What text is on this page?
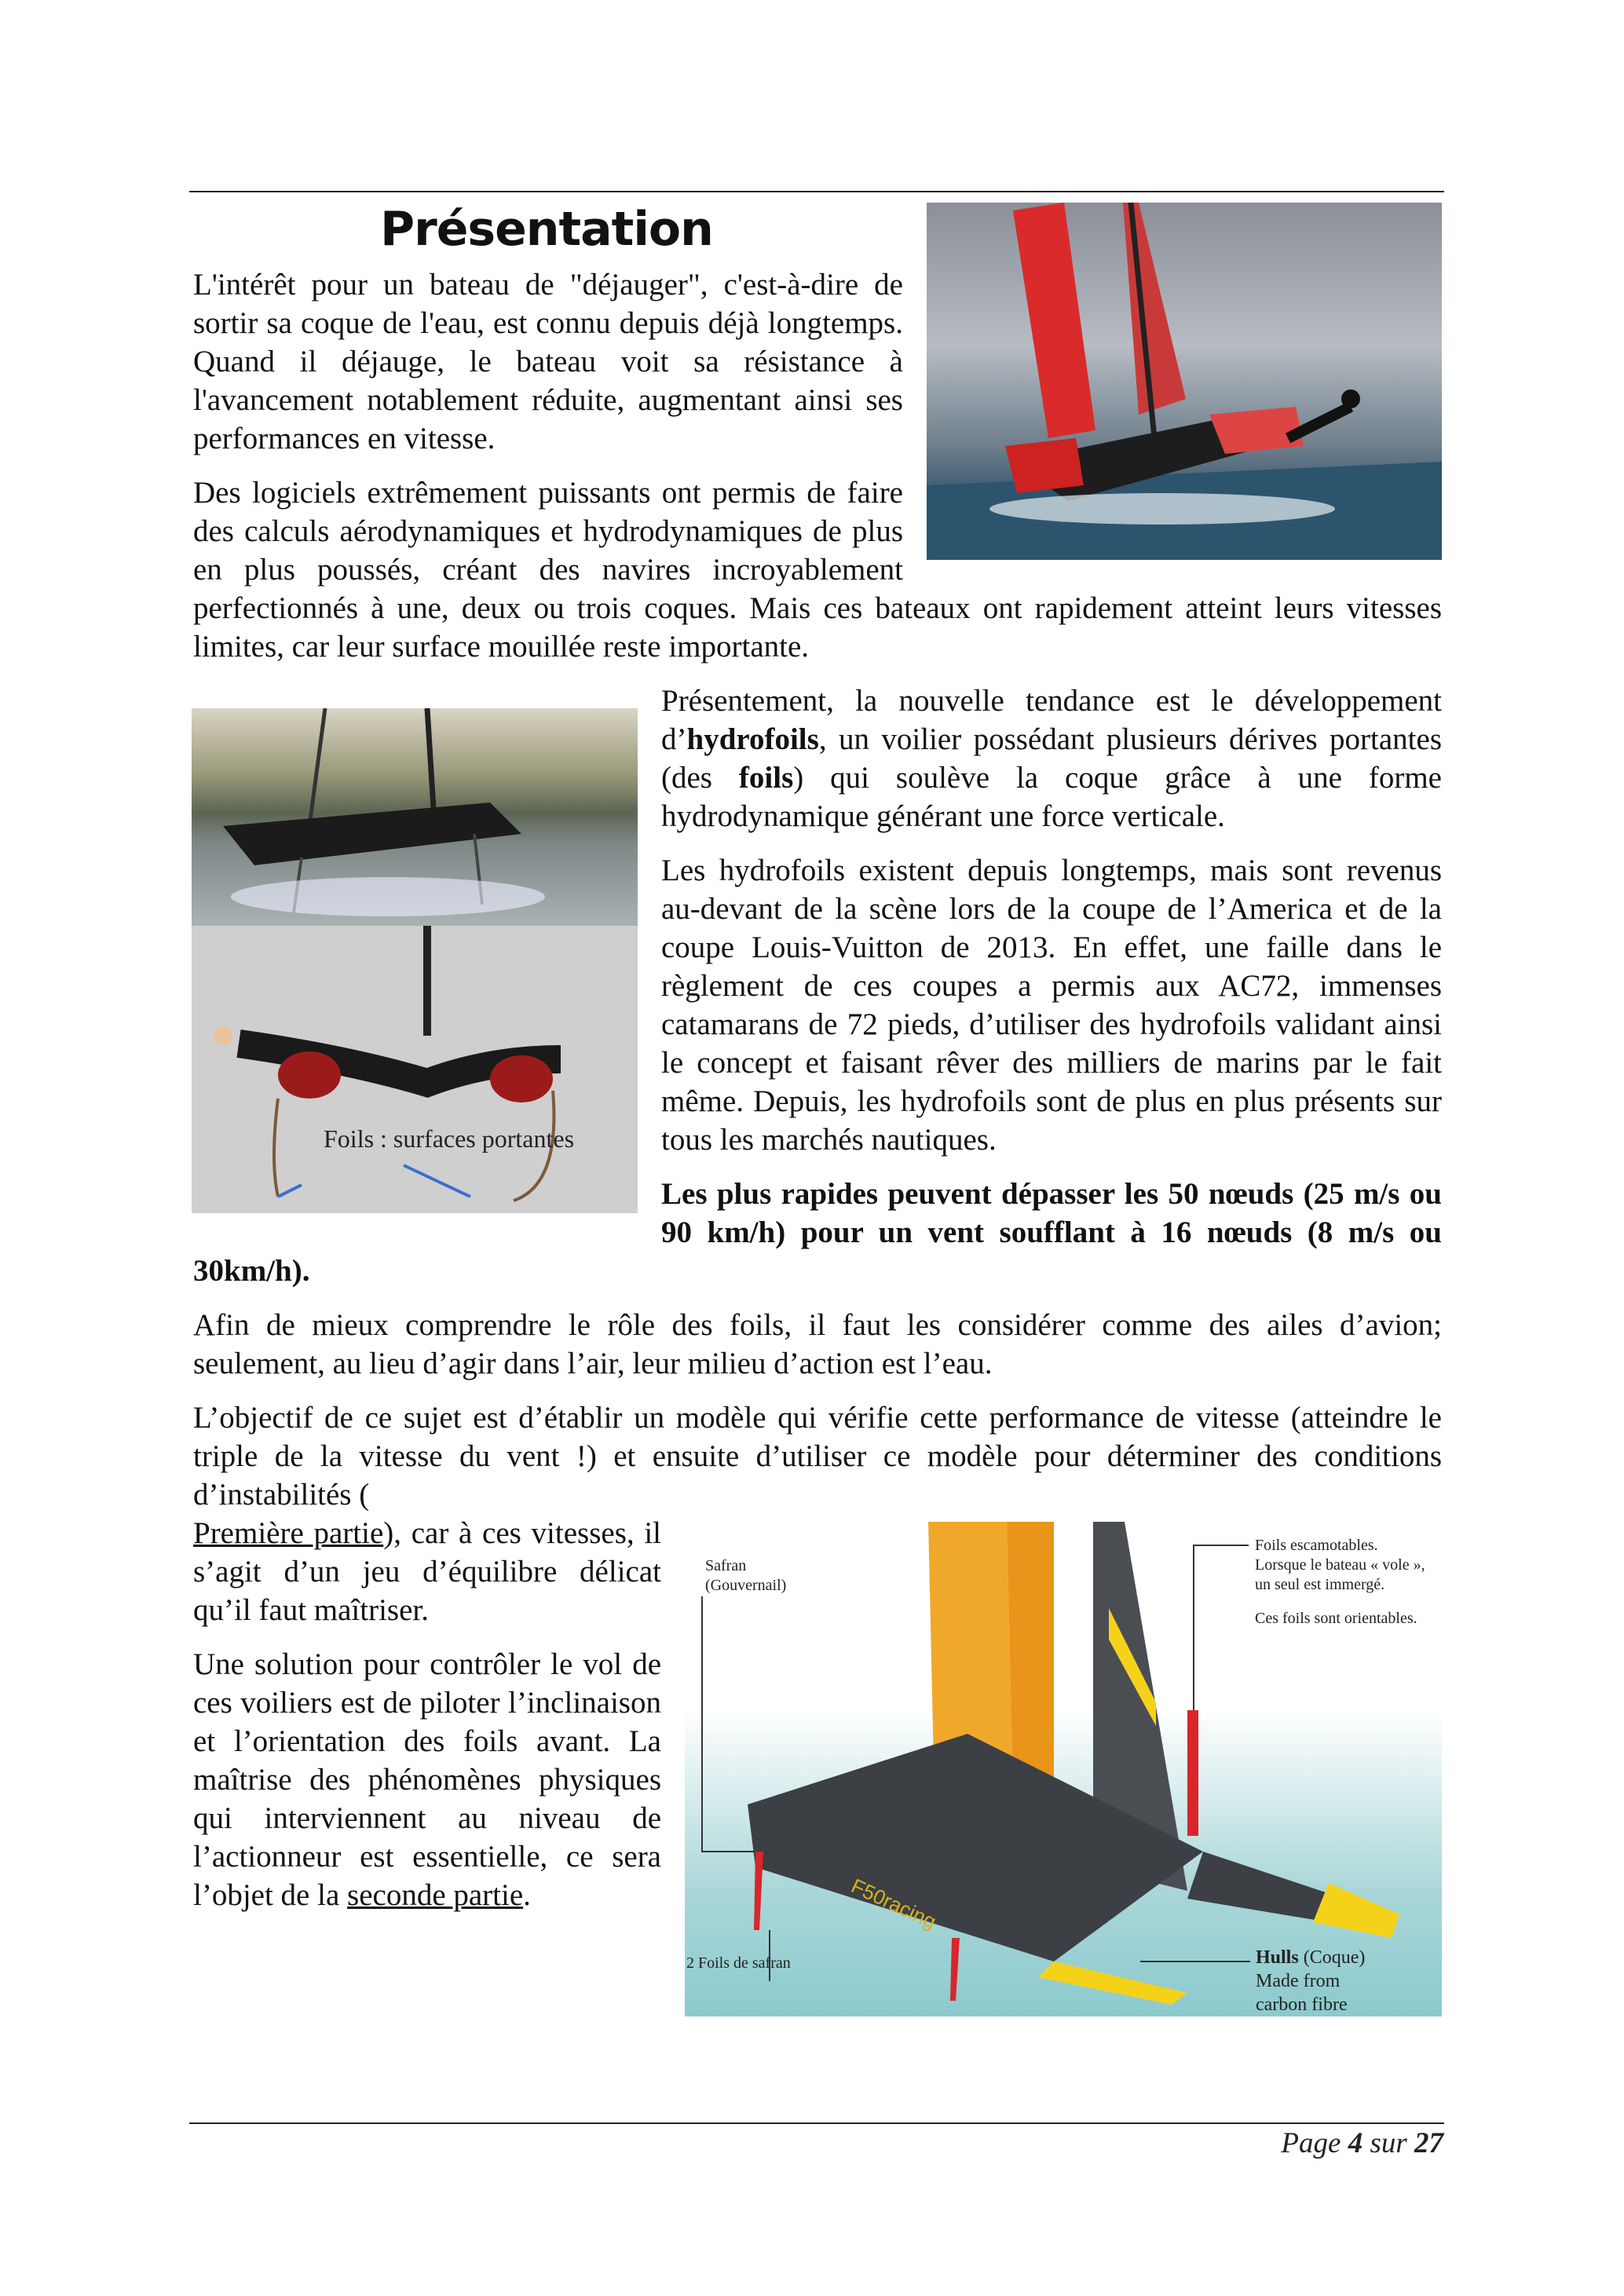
Présentation

L'intérêt pour un bateau de "déjauger", c'est-à-dire de sortir sa coque de l'eau, est connu depuis déjà longtemps. Quand il déjauge, le bateau voit sa résistance à l'avancement notablement réduite, augmentant ainsi ses performances en vitesse.

Des logiciels extrêmement puissants ont permis de faire des calculs aérodynamiques et hydrodynamiques de plus en plus poussés, créant des navires incroyablement perfectionnés à une, deux ou trois coques. Mais ces bateaux ont rapidement atteint leurs vitesses limites, car leur surface mouillée reste importante.

Foils : surfaces portantes

Présentement, la nouvelle tendance est le développement d’hydrofoils, un voilier possédant plusieurs dérives portantes (des foils) qui soulève la coque grâce à une forme hydrodynamique générant une force verticale.

Les hydrofoils existent depuis longtemps, mais sont revenus au-devant de la scène lors de la coupe de l’America et de la coupe Louis-Vuitton de 2013. En effet, une faille dans le règlement de ces coupes a permis aux AC72, immenses catamarans de 72 pieds, d’utiliser des hydrofoils validant ainsi le concept et faisant rêver des milliers de marins par le fait même. Depuis, les hydrofoils sont de plus en plus présents sur tous les marchés nautiques.

Les plus rapides peuvent dépasser les 50 nœuds (25 m/s ou 90 km/h) pour un vent soufflant à 16 nœuds (8 m/s ou 30km/h).

Afin de mieux comprendre le rôle des foils, il faut les considérer comme des ailes d’avion; seulement, au lieu d’agir dans l’air, leur milieu d’action est l’eau.

L’objectif de ce sujet est d’établir un modèle qui vérifie cette performance de vitesse (atteindre le triple de la vitesse du vent !) et ensuite d’utiliser ce modèle pour déterminer des conditions d’instabilités (

F50racing
Safran
(Gouvernail)
Foils escamotables.
Lorsque le bateau « vole »,
un seul est immergé.
Ces foils sont orientables.
2 Foils de safran	Hulls (Coque)
Made from
carbon fibre

Première partie), car à ces vitesses, il s’agit d’un jeu d’équilibre délicat qu’il faut maîtriser.

Une solution pour contrôler le vol de ces voiliers est de piloter l’inclinaison et l’orientation des foils avant. La maîtrise des phénomènes physiques qui interviennent au niveau de l’actionneur est essentielle, ce sera l’objet de la seconde partie.

Page 4 sur 27
